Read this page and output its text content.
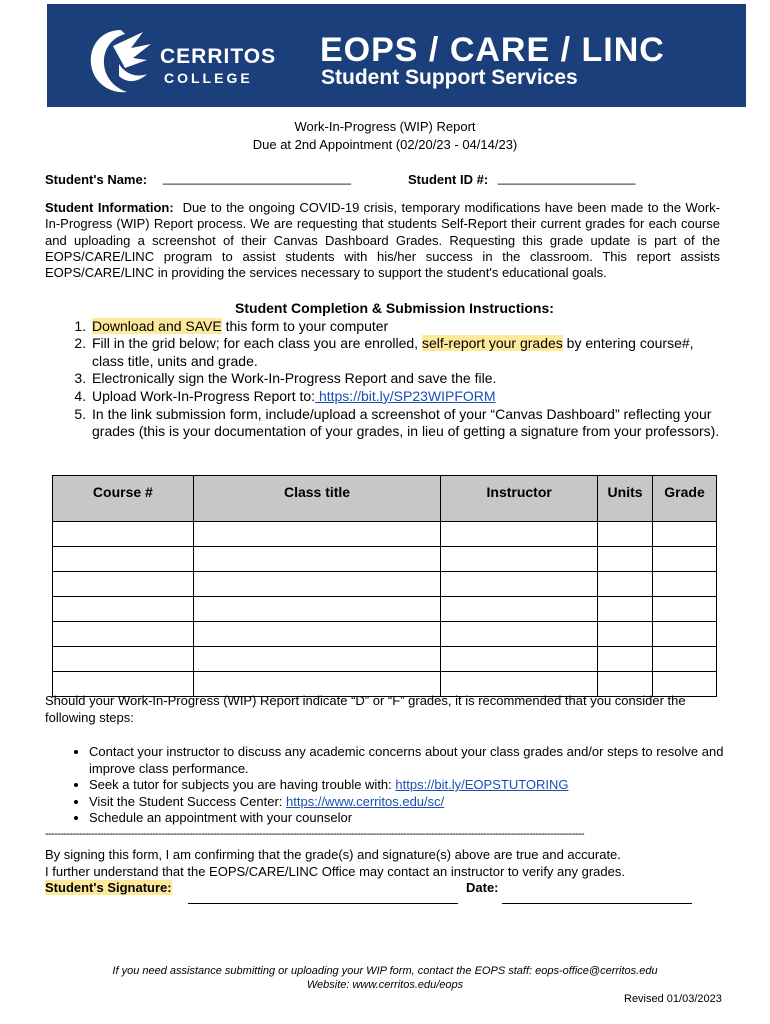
CERRITOS
COLLEGE
EOPS / CARE / LINC
Student Support Services
Work-In-Progress (WIP) Report
Due at 2nd Appointment (02/20/23 - 04/14/23)
Student's Name: __________________________	Student ID #: ___________________
Student Information: Due to the ongoing COVID-19 crisis, temporary modifications have been made to the Work-In-Progress (WIP) Report process. We are requesting that students Self-Report their current grades for each course and uploading a screenshot of their Canvas Dashboard Grades. Requesting this grade update is part of the EOPS/CARE/LINC program to assist students with his/her success in the classroom. This report assists EOPS/CARE/LINC in providing the services necessary to support the student's educational goals.
Student Completion & Submission Instructions:
1. Download and SAVE this form to your computer
2. Fill in the grid below; for each class you are enrolled, self-report your grades by entering course#, class title, units and grade.
3. Electronically sign the Work-In-Progress Report and save the file.
4. Upload Work-In-Progress Report to: https://bit.ly/SP23WIPFORM
5. In the link submission form, include/upload a screenshot of your “Canvas Dashboard” reflecting your grades (this is your documentation of your grades, in lieu of getting a signature from your professors).
Course #	Class title	Instructor	Units	Grade

Should your Work-In-Progress (WIP) Report indicate “D” or “F” grades, it is recommended that you consider the following steps:
• Contact your instructor to discuss any academic concerns about your class grades and/or steps to resolve and improve class performance.
• Seek a tutor for subjects you are having trouble with: https://bit.ly/EOPSTUTORING
• Visit the Student Success Center: https://www.cerritos.edu/sc/
• Schedule an appointment with your counselor
--------------------------------------------------------------------------------------------------------------------------------------------------------------------------------
By signing this form, I am confirming that the grade(s) and signature(s) above are true and accurate.
I further understand that the EOPS/CARE/LINC Office may contact an instructor to verify any grades.
Student's Signature:	Date:
If you need assistance submitting or uploading your WIP form, contact the EOPS staff: eops-office@cerritos.edu
Website: www.cerritos.edu/eops
Revised 01/03/2023
